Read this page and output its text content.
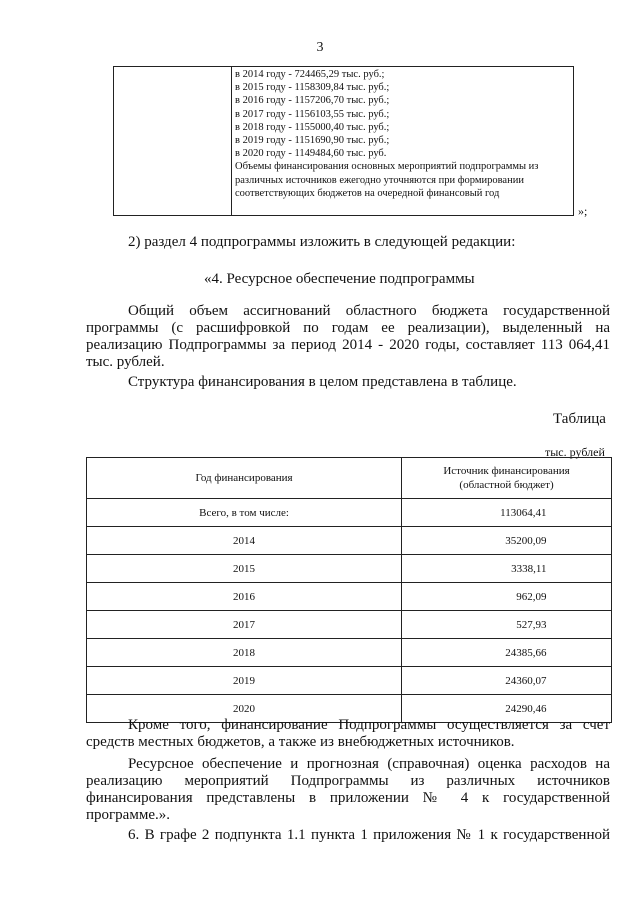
3
в 2014 году - 724465,29 тыс. руб.;
в 2015 году - 1158309,84 тыс. руб.;
в 2016 году - 1157206,70 тыс. руб.;
в 2017 году - 1156103,55 тыс. руб.;
в 2018 году - 1155000,40 тыс. руб.;
в 2019 году - 1151690,90 тыс. руб.;
в 2020 году - 1149484,60 тыс. руб.
Объемы финансирования основных мероприятий подпрограммы из различных источников ежегодно уточняются при формировании соответствующих бюджетов на очередной финансовый год
»;
2) раздел 4 подпрограммы изложить в следующей редакции:
«4. Ресурсное обеспечение подпрограммы
Общий объем ассигнований областного бюджета государственной
программы (с расшифровкой по годам ее реализации), выделенный на
реализацию Подпрограммы за период 2014 - 2020 годы, составляет 113 064,41
тыс. рублей.
Структура финансирования в целом представлена в таблице.
Таблица
тыс. рублей
Год финансирования	Источник финансирования
(областной бюджет)

Всего, в том числе:	113064,41
2014	35200,09
2015	3338,11
2016	962,09
2017	527,93
2018	24385,66
2019	24360,07
2020	24290,46
Кроме того, финансирование Подпрограммы осуществляется за счет
средств местных бюджетов, а также из внебюджетных источников.
Ресурсное обеспечение и прогнозная (справочная) оценка расходов на
реализацию мероприятий Подпрограммы из различных источников
финансирования представлены в приложении № 4 к государственной
программе.».
6. В графе 2 подпункта 1.1 пункта 1 приложения № 1 к государственной
